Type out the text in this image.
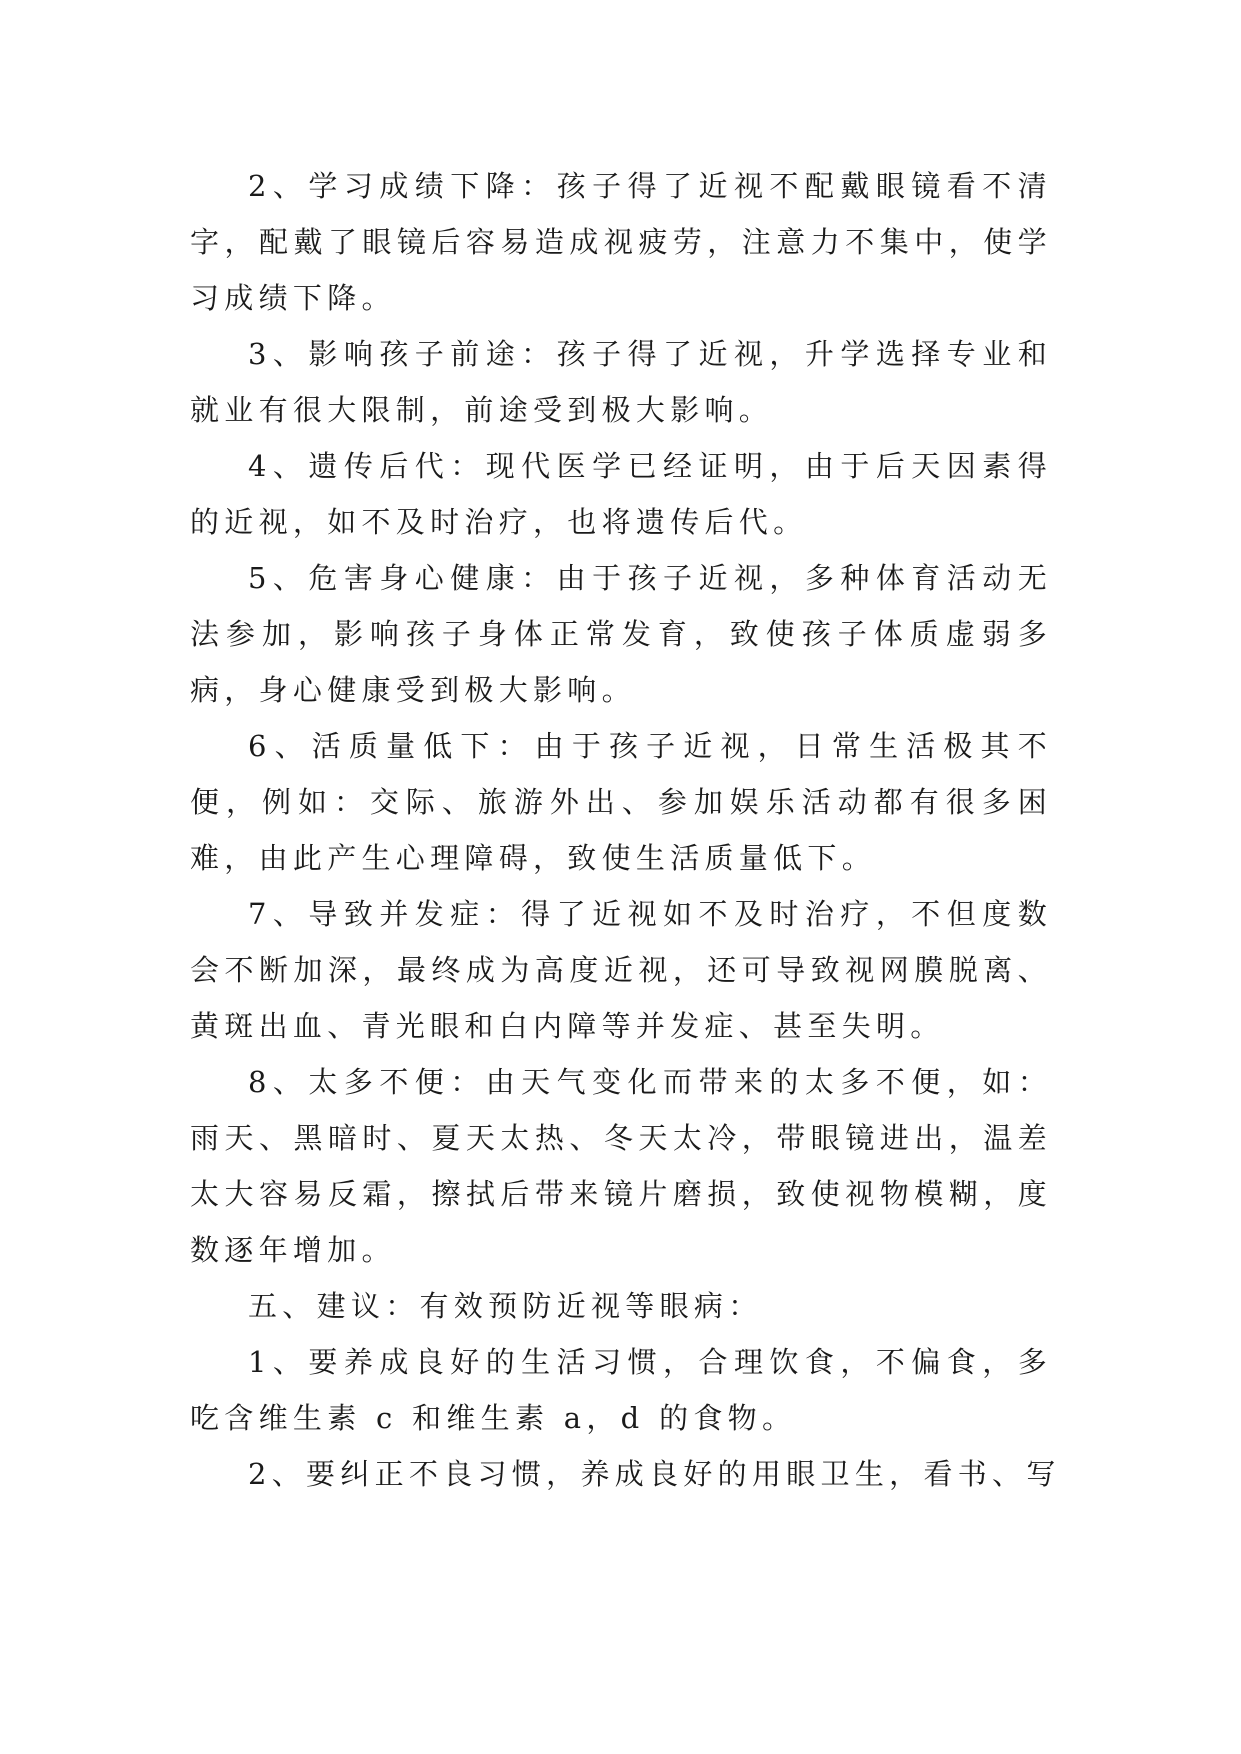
2、学习成绩下降：孩子得了近视不配戴眼镜看不清字，配戴了眼镜后容易造成视疲劳，注意力不集中，使学习成绩下降。

3、影响孩子前途：孩子得了近视，升学选择专业和就业有很大限制，前途受到极大影响。

4、遗传后代：现代医学已经证明，由于后天因素得的近视，如不及时治疗，也将遗传后代。

5、危害身心健康：由于孩子近视，多种体育活动无法参加，影响孩子身体正常发育，致使孩子体质虚弱多病，身心健康受到极大影响。

6、活质量低下：由于孩子近视，日常生活极其不便，例如：交际、旅游外出、参加娱乐活动都有很多困难，由此产生心理障碍，致使生活质量低下。

7、导致并发症：得了近视如不及时治疗，不但度数会不断加深，最终成为高度近视，还可导致视网膜脱离、黄斑出血、青光眼和白内障等并发症、甚至失明。

8、太多不便：由天气变化而带来的太多不便，如：雨天、黑暗时、夏天太热、冬天太冷，带眼镜进出，温差太大容易反霜，擦拭后带来镜片磨损，致使视物模糊，度数逐年增加。

五、建议：有效预防近视等眼病：

1、要养成良好的生活习惯，合理饮食，不偏食，多吃含维生素 c 和维生素 a，d 的食物。

2、要纠正不良习惯，养成良好的用眼卫生，看书、写
